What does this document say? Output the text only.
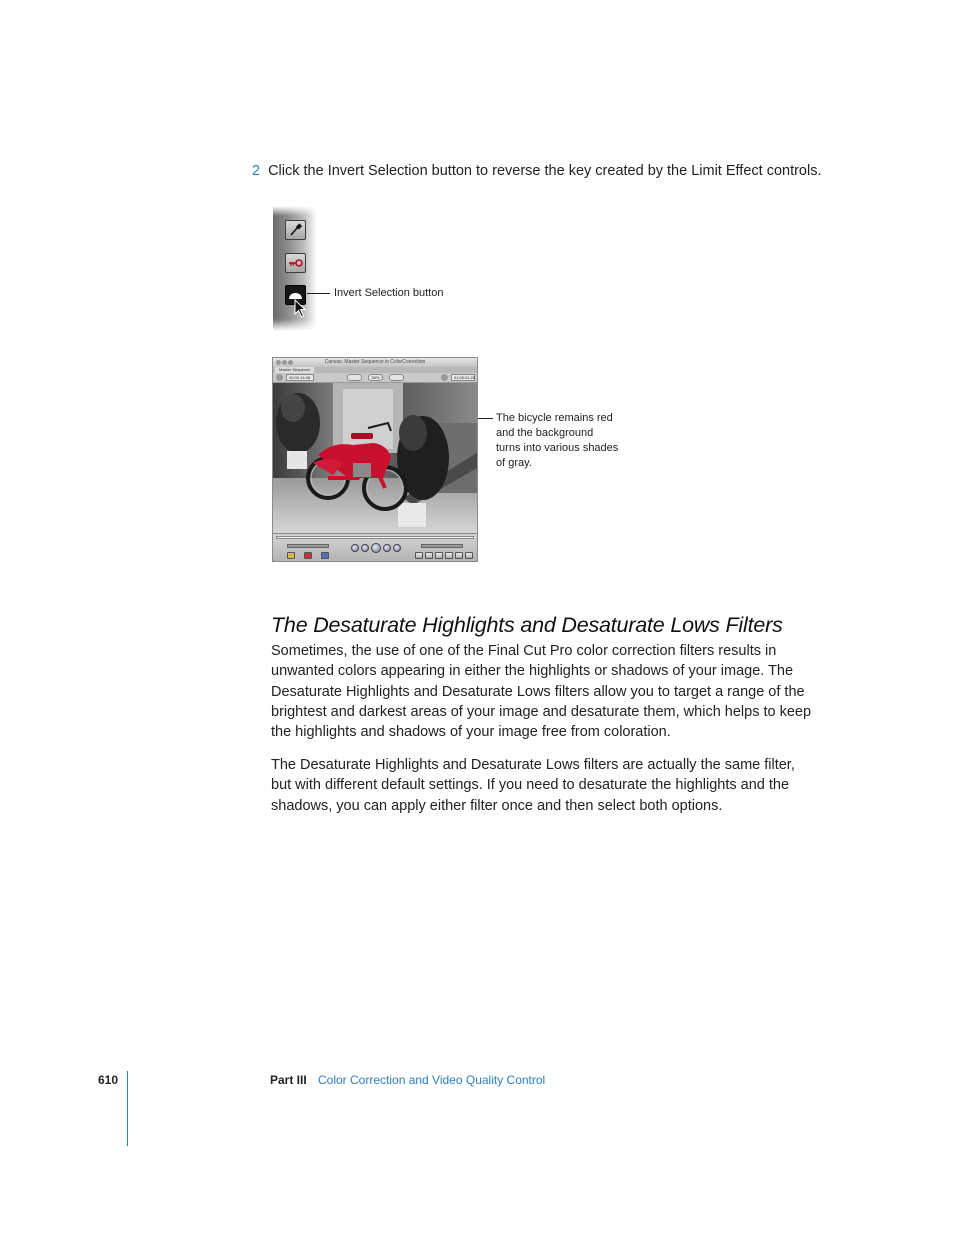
2 Click the Invert Selection button to reverse the key created by the Limit Effect controls.
Invert Selection button
Canvas: Master Sequence in ColorCorrection
Master Sequence
00:00:14:08	56%	01:00:01:20
The bicycle remains red
and the background
turns into various shades
of gray.
The Desaturate Highlights and Desaturate Lows Filters

Sometimes, the use of one of the Final Cut Pro color correction filters results in unwanted colors appearing in either the highlights or shadows of your image. The Desaturate Highlights and Desaturate Lows filters allow you to target a range of the brightest and darkest areas of your image and desaturate them, which helps to keep the highlights and shadows of your image free from coloration.

The Desaturate Highlights and Desaturate Lows filters are actually the same filter, but with different default settings. If you need to desaturate the highlights and the shadows, you can apply either filter once and then select both options.

610	Part III Color Correction and Video Quality Control
